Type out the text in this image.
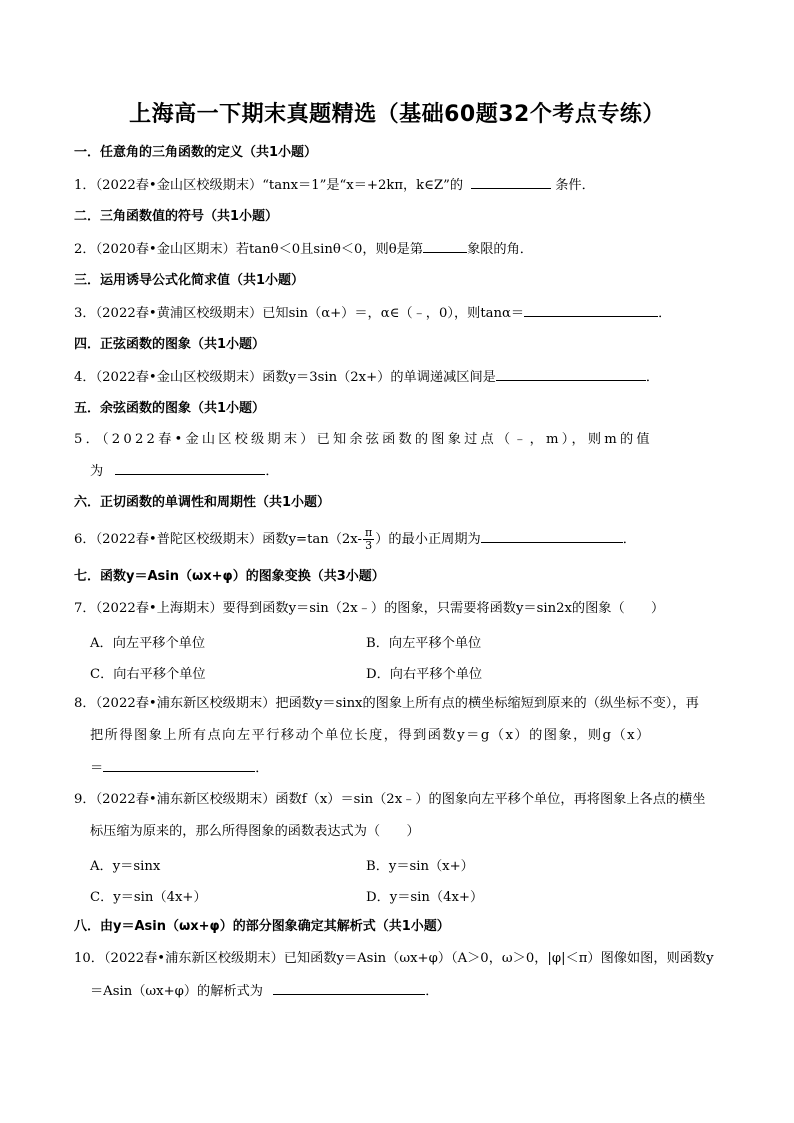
上海高一下期末真题精选（基础60题32个考点专练）
一．任意角的三角函数的定义（共1小题）
1．（2022春•金山区校级期末）“tanx＝1”是“x＝+2kπ，k∈Z”的	条件．
二．三角函数值的符号（共1小题）
2．（2020春•金山区期末）若tanθ＜0且sinθ＜0，则θ是第	象限的角．
三．运用诱导公式化简求值（共1小题）
3．（2022春•黄浦区校级期末）已知sin（α+）＝，α∈（﹣，0），则tanα＝	．
四．正弦函数的图象（共1小题）
4．（2022春•金山区校级期末）函数y＝3sin（2x+）的单调递减区间是	．
五．余弦函数的图象（共1小题）
5．（2022春•金山区校级期末）已知余弦函数的图象过点（﹣，m），则m的值
为	．
六．正切函数的单调性和周期性（共1小题）
6．（2022春•普陀区校级期末）函数$y=\tan(2x- \frac{\pi}{3}$ ）的最小正周期为	．
七．函数y＝Asin（ωx+φ）的图象变换（共3小题）
7．（2022春•上海期末）要得到函数y＝sin（2x﹣）的图象，只需要将函数y＝sin2x的图象（　　）
A．向左平移个单位	B．向左平移个单位
C．向右平移个单位	D．向右平移个单位
8．（2022春•浦东新区校级期末）把函数y＝sinx的图象上所有点的横坐标缩短到原来的（纵坐标不变），再
把所得图象上所有点向左平行移动个单位长度，得到函数y＝g（x）的图象，则g（x）
＝	．
9．（2022春•浦东新区校级期末）函数f（x）＝sin（2x﹣）的图象向左平移个单位，再将图象上各点的横坐
标压缩为原来的，那么所得图象的函数表达式为（　　）
A．y＝sinx	B．y＝sin（x+）
C．y＝sin（4x+）	D．y＝sin（4x+）
八．由y＝Asin（ωx+φ）的部分图象确定其解析式（共1小题）
10．（2022春•浦东新区校级期末）已知函数y＝Asin（ωx+φ）（A＞0，ω＞0，|φ|＜π）图像如图，则函数y
＝Asin（ωx+φ）的解析式为	．
